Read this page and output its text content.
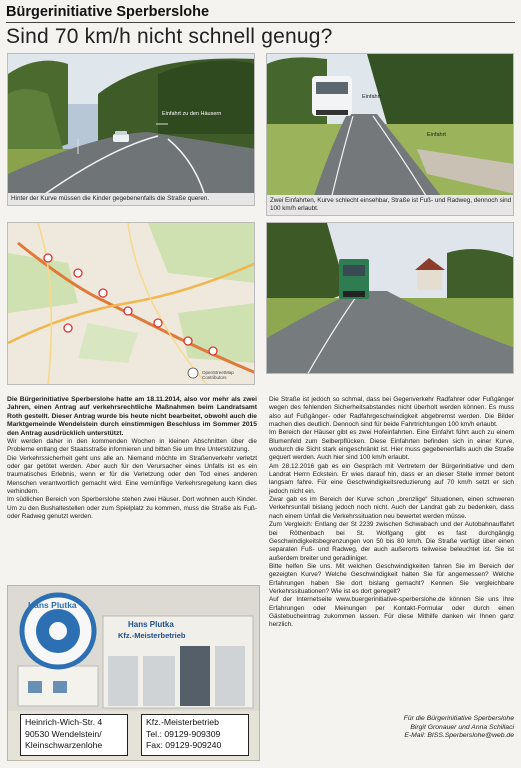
Bürgerinitiative Sperberslohe
Sind 70 km/h nicht schnell genug?
Einfahrt zu den Häusern
Hinter der Kurve müssen die Kinder gegebenenfalls die Straße queren.
Einfahrt
Einfahrt
Zwei Einfahrten, Kurve schlecht einsehbar, Straße ist Fuß- und Radweg, dennoch sind 100 km/h erlaubt.
OpenStreetMap Contributors

Die Bürgerinitiative Sperberslohe hatte am 18.11.2014, also vor mehr als zwei Jahren, einen Antrag auf verkehrsrechtliche Maßnahmen beim Landratsamt Roth gestellt. Dieser Antrag wurde bis heute nicht bearbeitet, obwohl auch die Marktgemeinde Wendelstein durch einstimmigen Beschluss im Sommer 2015 den Antrag ausdrücklich unterstützt.

Wir werden daher in den kommenden Wochen in kleinen Abschnitten über die Probleme entlang der Staatsstraße informieren und bitten Sie um Ihre Unterstützung.

Die Verkehrssicherheit geht uns alle an. Niemand möchte im Straßenverkehr verletzt oder gar getötet werden. Aber auch für den Verursacher eines Unfalls ist es ein traumatisches Erlebnis, wenn er für die Verletzung oder den Tod eines anderen Menschen verantwortlich gemacht wird. Eine vernünftige Verkehrsregelung kann dies verhindern.

Im südlichen Bereich von Sperberslohe stehen zwei Häuser. Dort wohnen auch Kinder. Um zu den Bushaltestellen oder zum Spielplatz zu kommen, muss die Straße als Fuß- oder Radweg genutzt werden.

Die Straße ist jedoch so schmal, dass bei Gegenverkehr Radfahrer oder Fußgänger wegen des fehlenden Sicherheitsabstandes nicht überholt werden können. Es muss also auf Fußgänger- oder Radfahrgeschwindigkeit abgebremst werden. Die Bilder machen dies deutlich. Dennoch sind für beide Fahrtrichtungen 100 km/h erlaubt.

Im Bereich der Häuser gibt es zwei Hofeinfahrten. Eine Einfahrt führt auch zu einem Blumenfeld zum Selberpflücken. Diese Einfahrten befinden sich in einer Kurve, wodurch die Sicht stark eingeschränkt ist. Hier muss gegebenenfalls auch die Straße gequert werden. Auch hier sind 100 km/h erlaubt.

Am 28.12.2016 gab es ein Gespräch mit Vertretern der Bürgerinitiative und dem Landrat Herrn Eckstein. Er wies darauf hin, dass er an dieser Stelle immer betont langsam fahre. Für eine Geschwindigkeitsreduzierung auf 70 km/h setzt er sich jedoch nicht ein.

Zwar gab es im Bereich der Kurve schon „brenzlige“ Situationen, einen schweren Verkehrsunfall bislang jedoch noch nicht. Auch der Landrat gab zu bedenken, dass nach einem Unfall die Verkehrssituation neu bewertet werden müsse.

Zum Vergleich: Entlang der St 2239 zwischen Schwabach und der Autobahnauffahrt bei Röthenbach bei St. Wolfgang gibt es fast durchgängig Geschwindigkeitsbegrenzungen von 50 bis 80 km/h. Die Straße verfügt über einen separaten Fuß- und Radweg, der auch außerorts teilweise beleuchtet ist. Sie ist außerdem breiter und geradliniger.

Bitte helfen Sie uns. Mit welchen Geschwindigkeiten fahren Sie im Bereich der gezeigten Kurve? Welche Geschwindigkeit halten Sie für angemessen? Welche Erfahrungen haben Sie dort bislang gemacht? Kennen Sie vergleichbare Verkehrssituationen? Wie ist es dort geregelt?

Auf der Internetseite www.buergerinitiative-sperberslohe.de können Sie uns Ihre Erfahrungen oder Meinungen per Kontakt-Formular oder durch einen Gästebucheintrag zukommen lassen. Für diese Mithilfe danken wir Ihnen ganz herzlich.

Für die Bürgerinitiative Sperberslohe
Birgit Gronauer und Anna Schillaci
E-Mail: BISS.Sperberslohe@web.de
Hans Plutka
Hans Plutka
Kfz.-Meisterbetrieb
Heinrich-Wich-Str. 4
90530 Wendelstein/
Kleinschwarzenlohe
Kfz.-Meisterbetrieb
Tel.: 09129-909309
Fax: 09129-909240
